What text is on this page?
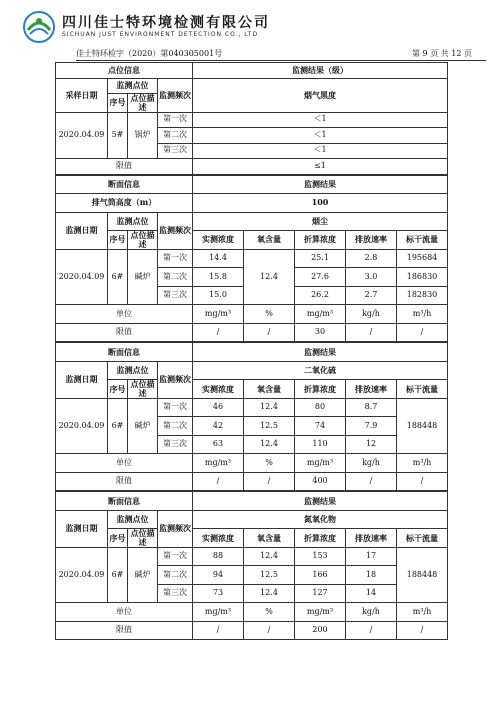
四川佳士特环境检测有限公司
SICHUAN JUST ENVIRONMENT DETECTION CO., LTD
佳士特环检字（2020）第040305001号	第 9 页 共 12 页
点位信息				监测结果（级）
采样日期	监测点位		监测频次	烟气黑度
	序号	点位描述		
2020.04.09	5#	锅炉	第一次	＜1
			第二次	＜1
			第三次	＜1
限值				≤1
断面信息				监测结果				
排气筒高度（m）				100				
监测日期	监测点位		监测频次	烟尘				
	序号	点位描述		实测浓度	氧含量	折算浓度	排放速率	标干流量

2020.04.09	6#	碱炉	第一次	14.4	12.4	25.1	2.8	195684
			第二次	15.8		27.6	3.0	186830
			第三次	15.0		26.2	2.7	182830
单位				mg/m³	%	mg/m³	kg/h	m³/h
限值				/	/	30	/	/
断面信息				监测结果				
监测日期	监测点位		监测频次	二氧化硫				
	序号	点位描述		实测浓度	氧含量	折算浓度	排放速率	标干流量

2020.04.09	6#	碱炉	第一次	46	12.4	80	8.7	188448
			第二次	42	12.5	74	7.9	
			第三次	63	12.4	110	12	
单位				mg/m³	%	mg/m³	kg/h	m³/h
限值				/	/	400	/	/
断面信息				监测结果				
监测日期	监测点位		监测频次	氮氧化物				
	序号	点位描述		实测浓度	氧含量	折算浓度	排放速率	标干流量

2020.04.09	6#	碱炉	第一次	88	12.4	153	17	188448
			第二次	94	12.5	166	18	
			第三次	73	12.4	127	14	
单位				mg/m³	%	mg/m³	kg/h	m³/h
限值				/	/	200	/	/
